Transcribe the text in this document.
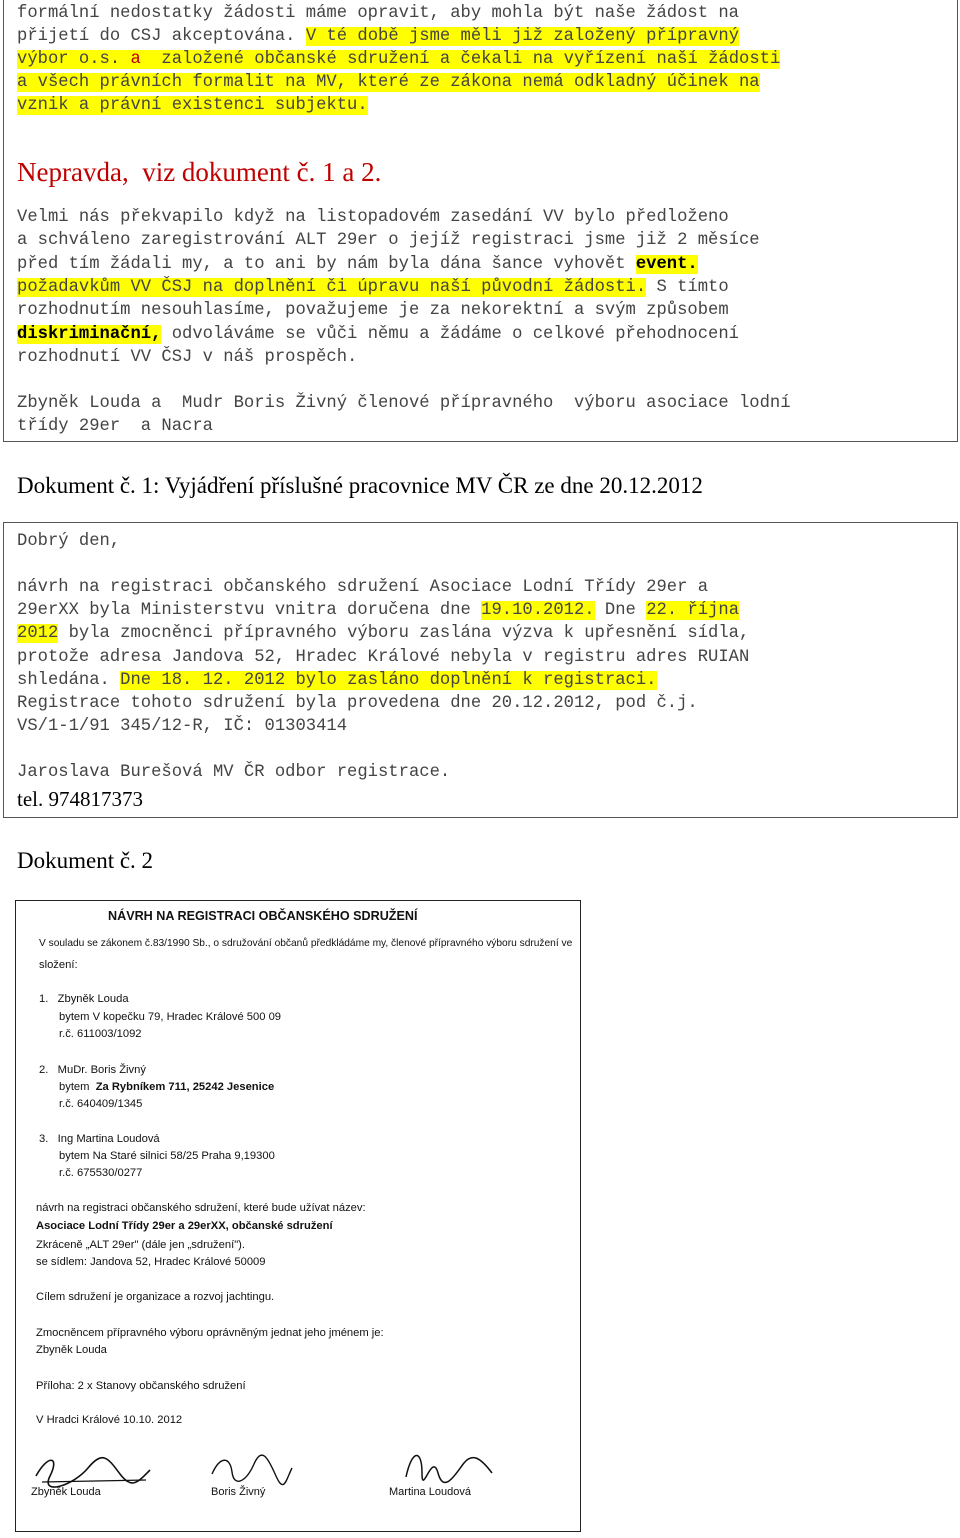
formální nedostatky žádosti máme opravit, aby mohla být naše žádost na
přijetí do CSJ akceptována. V té době jsme měli již založený přípravný
výbor o.s. a  založené občanské sdružení a čekali na vyřízení naší žádosti
a všech právních formalit na MV, které ze zákona nemá odkladný účinek na
vznik a právní existenci subjektu.
Nepravda,  viz dokument č. 1 a 2.
Velmi nás překvapilo když na listopadovém zasedání VV bylo předloženo
a schváleno zaregistrování ALT 29er o jejíž registraci jsme již 2 měsíce
před tím žádali my, a to ani by nám byla dána šance vyhovět event.
požadavkům VV ČSJ na doplnění či úpravu naší původní žádosti. S tímto
rozhodnutím nesouhlasíme, považujeme je za nekorektní a svým způsobem
diskriminační, odvoláváme se vůči němu a žádáme o celkové přehodnocení
rozhodnutí VV ČSJ v náš prospěch.
Zbyněk Louda a  Mudr Boris Živný členové přípravného  výboru asociace lodní
třídy 29er  a Nacra
Dokument č. 1: Vyjádření příslušné pracovnice MV ČR ze dne 20.12.2012
Dobrý den,
návrh na registraci občanského sdružení Asociace Lodní Třídy 29er a
29erXX byla Ministerstvu vnitra doručena dne 19.10.2012. Dne 22. října
2012 byla zmocněnci přípravného výboru zaslána výzva k upřesnění sídla,
protože adresa Jandova 52, Hradec Králové nebyla v registru adres RUIAN
shledána. Dne 18. 12. 2012 bylo zasláno doplnění k registraci.
Registrace tohoto sdružení byla provedena dne 20.12.2012, pod č.j.
VS/1-1/91 345/12-R, IČ: 01303414
Jaroslava Burešová MV ČR odbor registrace.
tel. 974817373
Dokument č. 2
NÁVRH NA REGISTRACI OBČANSKÉHO SDRUŽENÍ
V souladu se zákonem č.83/1990 Sb., o sdružování občanů předkládáme my, členové přípravného výboru sdružení ve
složení:
1.   Zbyněk Louda
bytem V kopečku 79, Hradec Králové 500 09
r.č. 611003/1092
2.   MuDr. Boris Živný
bytem  Za Rybníkem 711, 25242 Jesenice
r.č. 640409/1345
3.   Ing Martina Loudová
bytem Na Staré silnici 58/25 Praha 9,19300
r.č. 675530/0277
návrh na registraci občanského sdružení, které bude užívat název:
Asociace Lodní Třídy 29er a 29erXX, občanské sdružení
Zkráceně „ALT 29er" (dále jen „sdružení").
se sídlem: Jandova 52, Hradec Králové 50009
Cílem sdružení je organizace a rozvoj jachtingu.
Zmocněncem přípravného výboru oprávněným jednat jeho jménem je:
Zbyněk Louda
Příloha: 2 x Stanovy občanského sdružení
V Hradci Králové 10.10. 2012
Zbyněk Louda	Boris Živný	Martina Loudová
